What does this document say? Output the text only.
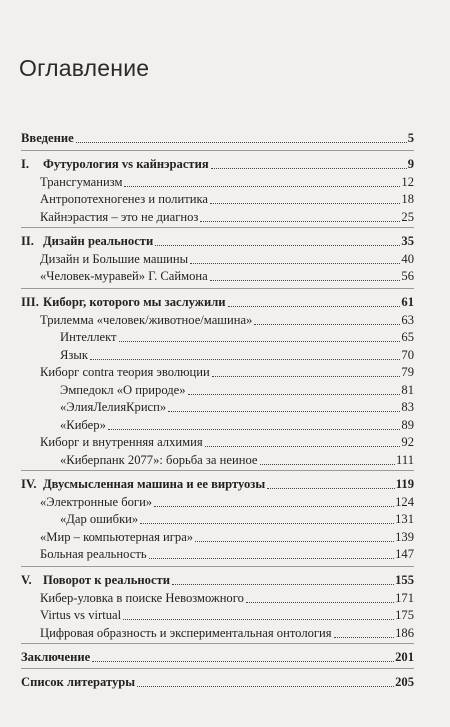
Оглавление
Введение	5
I. Футурология vs кайнэрастия	9
Трансгуманизм	12
Антропотехногенез и политика	18
Кайнэрастия – это не диагноз	25
II. Дизайн реальности	35
Дизайн и Большие машины	40
«Человек-муравей» Г. Саймона	56
III. Киборг, которого мы заслужили	61
Трилемма «человек/животное/машина»	63
Интеллект	65
Язык	70
Киборг contra теория эволюции	79
Эмпедокл «О природе»	81
«ЭлияЛелияКрисп»	83
«Кибер»	89
Киборг и внутренняя алхимия	92
«Киберпанк 2077»: борьба за неиное	111
IV. Двусмысленная машина и ее виртуозы	119
«Электронные боги»	124
«Дар ошибки»	131
«Мир – компьютерная игра»	139
Больная реальность	147
V. Поворот к реальности	155
Кибер-уловка в поиске Невозможного	171
Virtus vs virtual	175
Цифровая образность и экспериментальная онтология	186
Заключение	201
Список литературы	205
